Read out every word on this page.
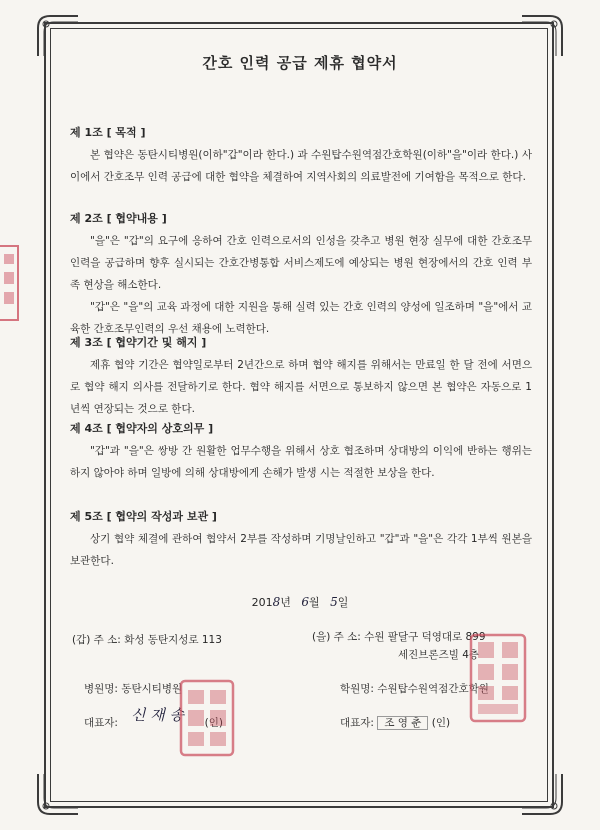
간호 인력 공급 제휴 협약서
제 1조 [ 목적 ]
본 협약은 동탄시티병원(이하"갑"이라 한다.) 과 수원탑수원역점간호학원(이하"을"이라 한다.) 사이에서 간호조무 인력 공급에 대한 협약을 체결하여 지역사회의 의료발전에 기여함을 목적으로 한다.
제 2조 [ 협약내용 ]
"을"은 "갑"의 요구에 응하여 간호 인력으로서의 인성을 갖추고 병원 현장 실무에 대한 간호조무 인력을 공급하며 향후 실시되는 간호간병통합 서비스제도에 예상되는 병원 현장에서의 간호 인력 부족 현상을 해소한다.
"갑"은 "을"의 교육 과정에 대한 지원을 통해 실력 있는 간호 인력의 양성에 일조하며 "을"에서 교육한 간호조무인력의 우선 채용에 노력한다.
제 3조 [ 협약기간 및 해지 ]
제휴 협약 기간은 협약일로부터 2년간으로 하며 협약 해지를 위해서는 만료일 한 달 전에 서면으로 협약 해지 의사를 전달하기로 한다. 협약 해지를 서면으로 통보하지 않으면 본 협약은 자동으로 1년씩 연장되는 것으로 한다.
제 4조 [ 협약자의 상호의무 ]
"갑"과 "을"은 쌍방 간 원활한 업무수행을 위해서 상호 협조하며 상대방의 이익에 반하는 행위는 하지 않아야 하며 일방에 의해 상대방에게 손해가 발생 시는 적절한 보상을 한다.
제 5조 [ 협약의 작성과 보관 ]
상기 협약 체결에 관하여 협약서 2부를 작성하며 기명날인하고 "갑"과 "을"은 각각 1부씩 원본을 보관한다.
2018년 6월 5일
(갑) 주 소: 화성 동탄지성로 113
병원명: 동탄시티병원
대표자:	(인)
신 재 송
(을) 주 소: 수원 팔달구 덕영대로 899
세진브론즈빌 4층
학원명: 수원탑수원역점간호학원
대표자: 조 영 춘 (인)
